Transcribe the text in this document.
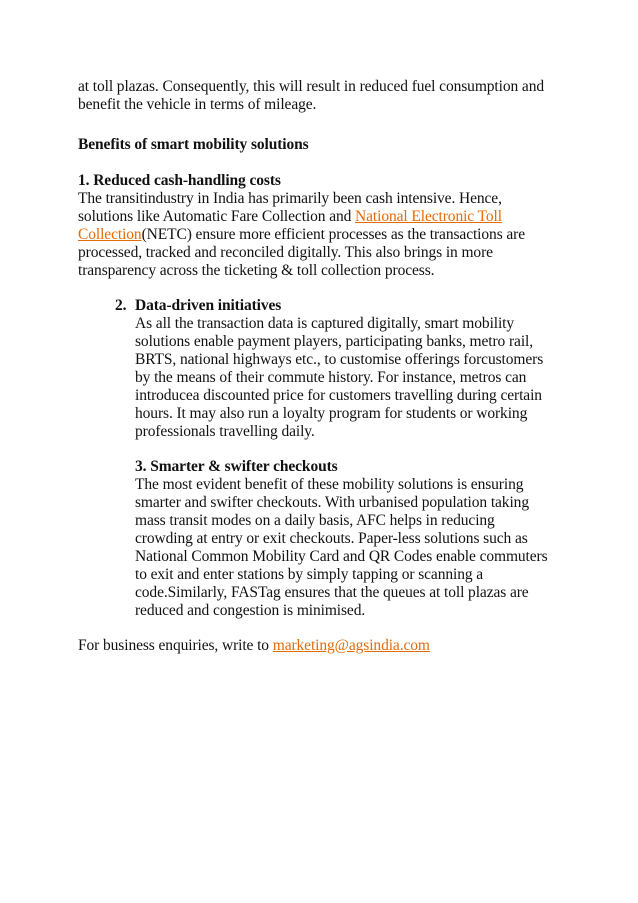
at toll plazas. Consequently, this will result in reduced fuel consumption and
benefit the vehicle in terms of mileage.
Benefits of smart mobility solutions
1. Reduced cash-handling costs
The transitindustry in India has primarily been cash intensive. Hence,
solutions like Automatic Fare Collection and National Electronic Toll
Collection(NETC) ensure more efficient processes as the transactions are
processed, tracked and reconciled digitally. This also brings in more
transparency across the ticketing & toll collection process.
2. Data-driven initiatives
As all the transaction data is captured digitally, smart mobility
solutions enable payment players, participating banks, metro rail,
BRTS, national highways etc., to customise offerings forcustomers
by the means of their commute history. For instance, metros can
introducea discounted price for customers travelling during certain
hours. It may also run a loyalty program for students or working
professionals travelling daily.
3. Smarter & swifter checkouts
The most evident benefit of these mobility solutions is ensuring
smarter and swifter checkouts. With urbanised population taking
mass transit modes on a daily basis, AFC helps in reducing
crowding at entry or exit checkouts. Paper-less solutions such as
National Common Mobility Card and QR Codes enable commuters
to exit and enter stations by simply tapping or scanning a
code.Similarly, FASTag ensures that the queues at toll plazas are
reduced and congestion is minimised.
For business enquiries, write to marketing@agsindia.com
